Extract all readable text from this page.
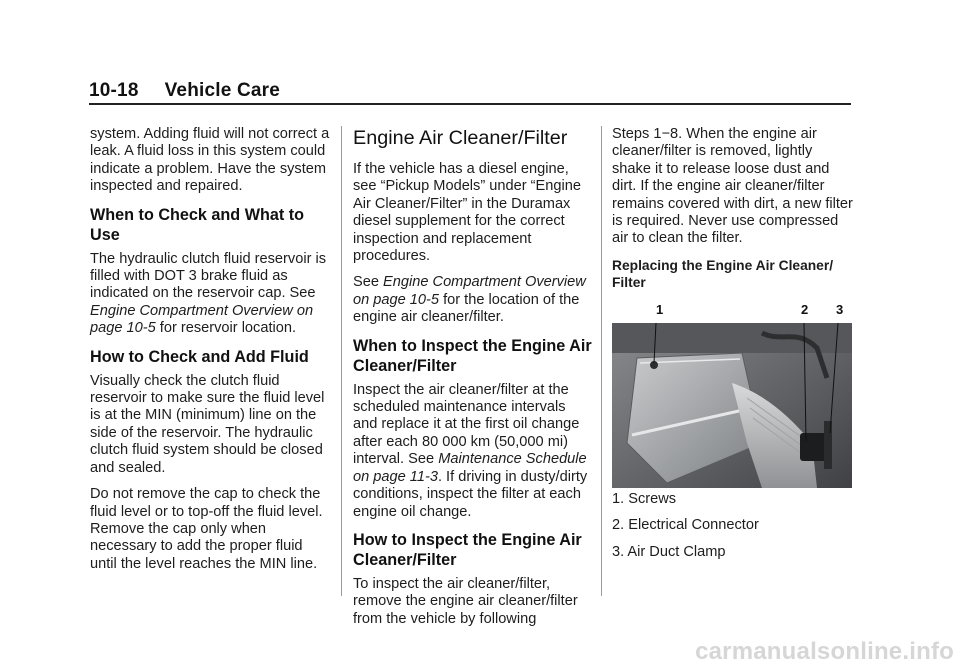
10-18 Vehicle Care

system. Adding fluid will not correct a leak. A fluid loss in this system could indicate a problem. Have the system inspected and repaired.

When to Check and What to Use

The hydraulic clutch fluid reservoir is filled with DOT 3 brake fluid as indicated on the reservoir cap. See Engine Compartment Overview on page 10-5 for reservoir location.

How to Check and Add Fluid

Visually check the clutch fluid reservoir to make sure the fluid level is at the MIN (minimum) line on the side of the reservoir. The hydraulic clutch fluid system should be closed and sealed.

Do not remove the cap to check the fluid level or to top-off the fluid level. Remove the cap only when necessary to add the proper fluid until the level reaches the MIN line.

Engine Air Cleaner/Filter

If the vehicle has a diesel engine, see “Pickup Models” under “Engine Air Cleaner/Filter” in the Duramax diesel supplement for the correct inspection and replacement procedures.

See Engine Compartment Overview on page 10-5 for the location of the engine air cleaner/filter.

When to Inspect the Engine Air Cleaner/Filter

Inspect the air cleaner/filter at the scheduled maintenance intervals and replace it at the first oil change after each 80 000 km (50,000 mi) interval. See Maintenance Schedule on page 11-3. If driving in dusty/dirty conditions, inspect the filter at each engine oil change.

How to Inspect the Engine Air Cleaner/Filter

To inspect the air cleaner/filter, remove the engine air cleaner/filter from the vehicle by following

Steps 1−8. When the engine air cleaner/filter is removed, lightly shake it to release loose dust and dirt. If the engine air cleaner/filter remains covered with dirt, a new filter is required. Never use compressed air to clean the filter.

Replacing the Engine Air Cleaner/ Filter

1	2 3

1. Screws

2. Electrical Connector

3. Air Duct Clamp

carmanualsonline.info
